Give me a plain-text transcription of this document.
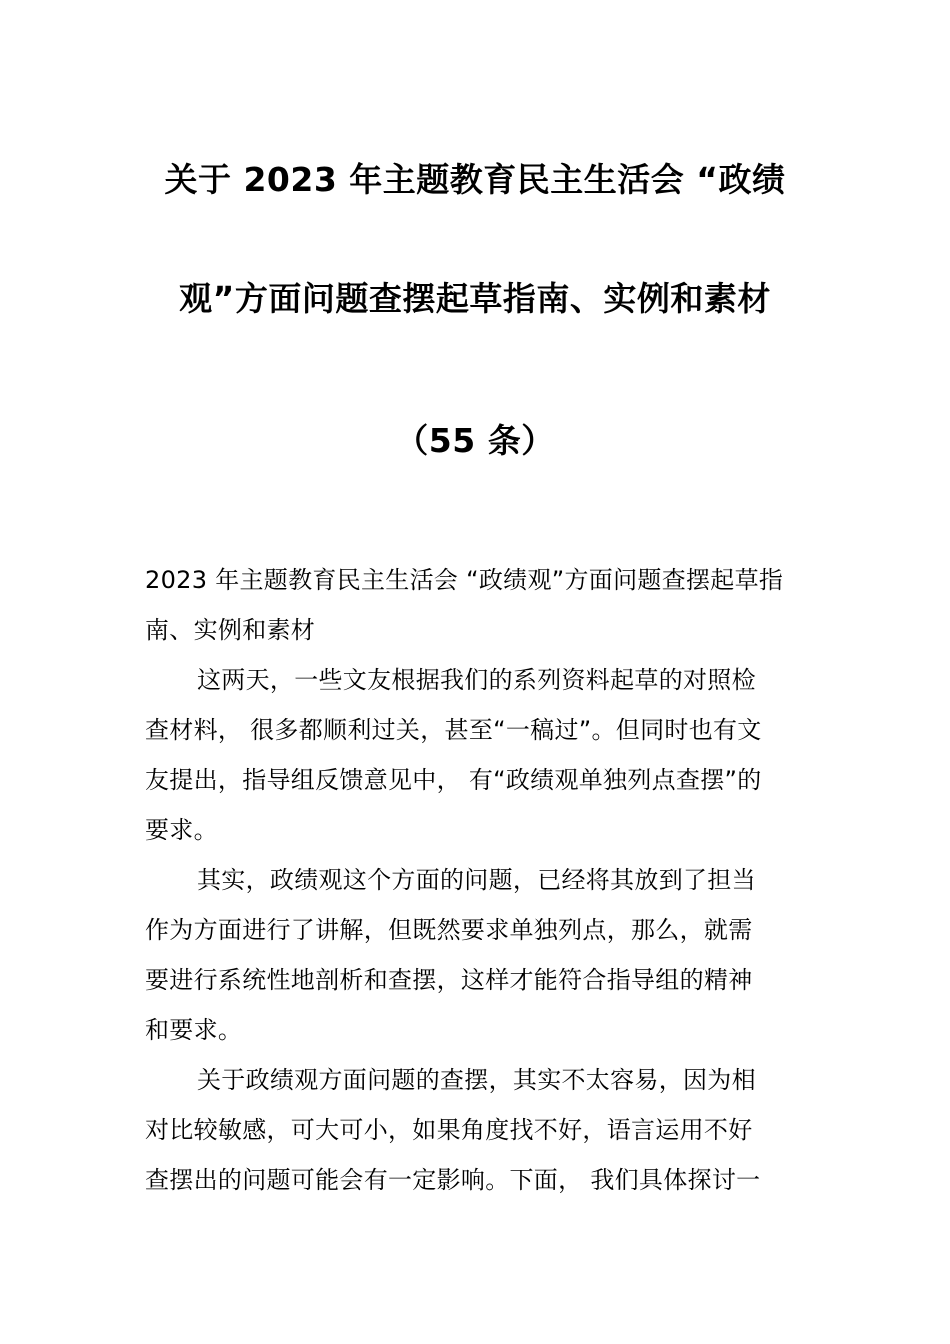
关于 2023 年主题教育民主生活会 “政绩
观”方面问题查摆起草指南、实例和素材
（55 条）
2023 年主题教育民主生活会 “政绩观”方面问题查摆起草指
南、实例和素材
这两天，一些文友根据我们的系列资料起草的对照检
查材料， 很多都顺利过关，甚至“一稿过”。但同时也有文
友提出，指导组反馈意见中， 有“政绩观单独列点查摆”的
要求。
其实，政绩观这个方面的问题，已经将其放到了担当
作为方面进行了讲解，但既然要求单独列点，那么，就需
要进行系统性地剖析和查摆，这样才能符合指导组的精神
和要求。
关于政绩观方面问题的查摆，其实不太容易，因为相
对比较敏感，可大可小，如果角度找不好，语言运用不好
查摆出的问题可能会有一定影响。下面， 我们具体探讨一
